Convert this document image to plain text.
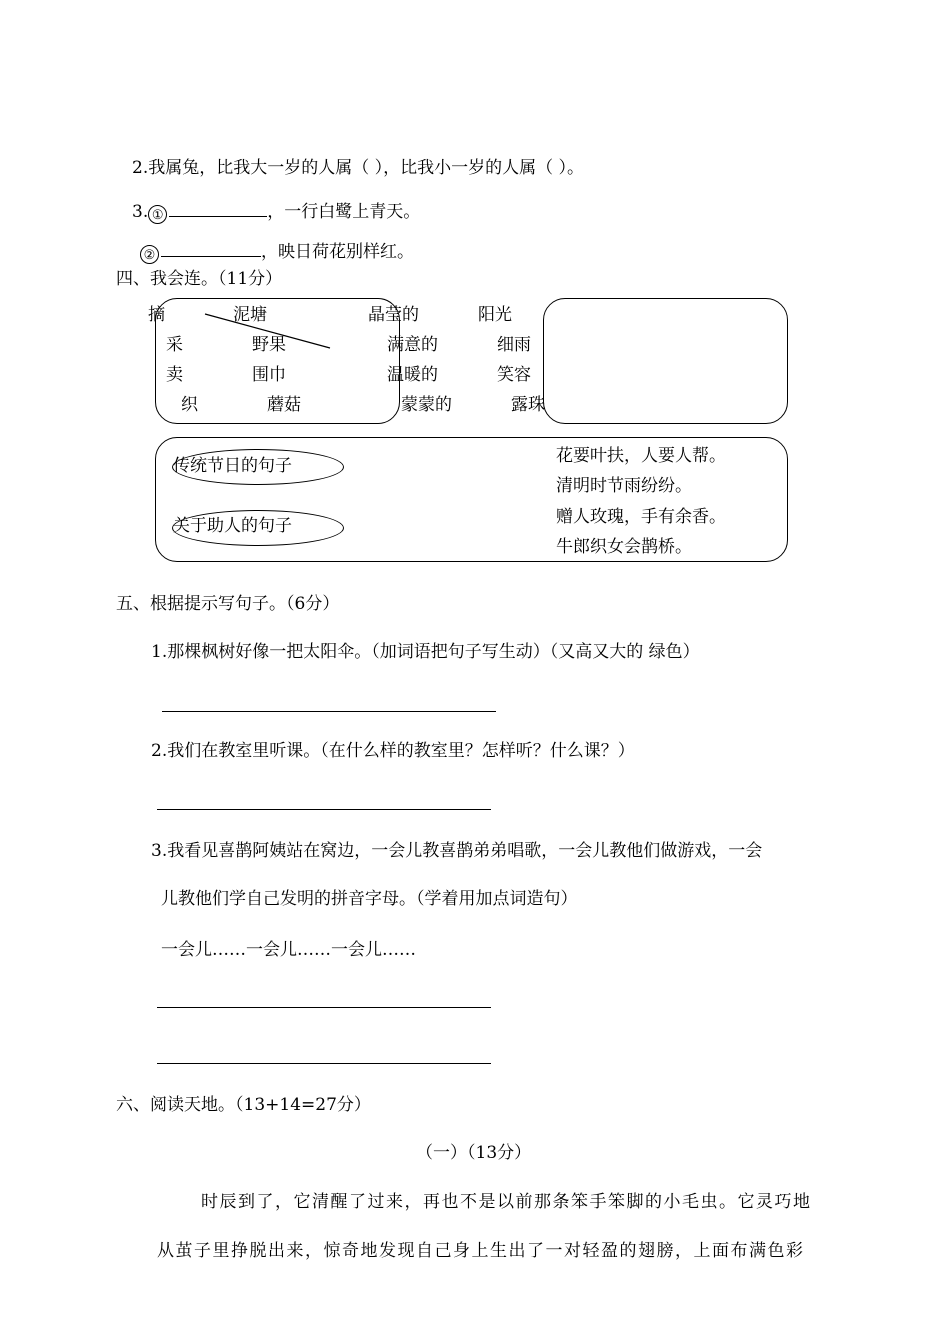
2.我属兔，比我大一岁的人属（ ），比我小一岁的人属（ ）。
3. ①	，一行白鹭上青天。
②	，映日荷花别样红。
四、我会连。（11分）
摘
采
卖
织
泥塘
野果
围巾
蘑菇
晶莹的
满意的
温暖的
蒙蒙的
阳光
细雨
笑容
露珠
传统节日的句子
关于助人的句子
花要叶扶，人要人帮。
清明时节雨纷纷。
赠人玫瑰，手有余香。
牛郎织女会鹊桥。
五、根据提示写句子。（6分）
1.那棵枫树好像一把太阳伞。（加词语把句子写生动）（又高又大的 绿色）
2.我们在教室里听课。（在什么样的教室里？怎样听？什么课？）
3.我看见喜鹊阿姨站在窝边，一会儿教喜鹊弟弟唱歌，一会儿教他们做游戏，一会
儿教他们学自己发明的拼音字母。（学着用加点词造句）
一会儿……一会儿……一会儿……
六、阅读天地。（13+14=27分）
（一）（13分）
时辰到了，它清醒了过来，再也不是以前那条笨手笨脚的小毛虫。它灵巧地
从茧子里挣脱出来，惊奇地发现自己身上生出了一对轻盈的翅膀，上面布满色彩
